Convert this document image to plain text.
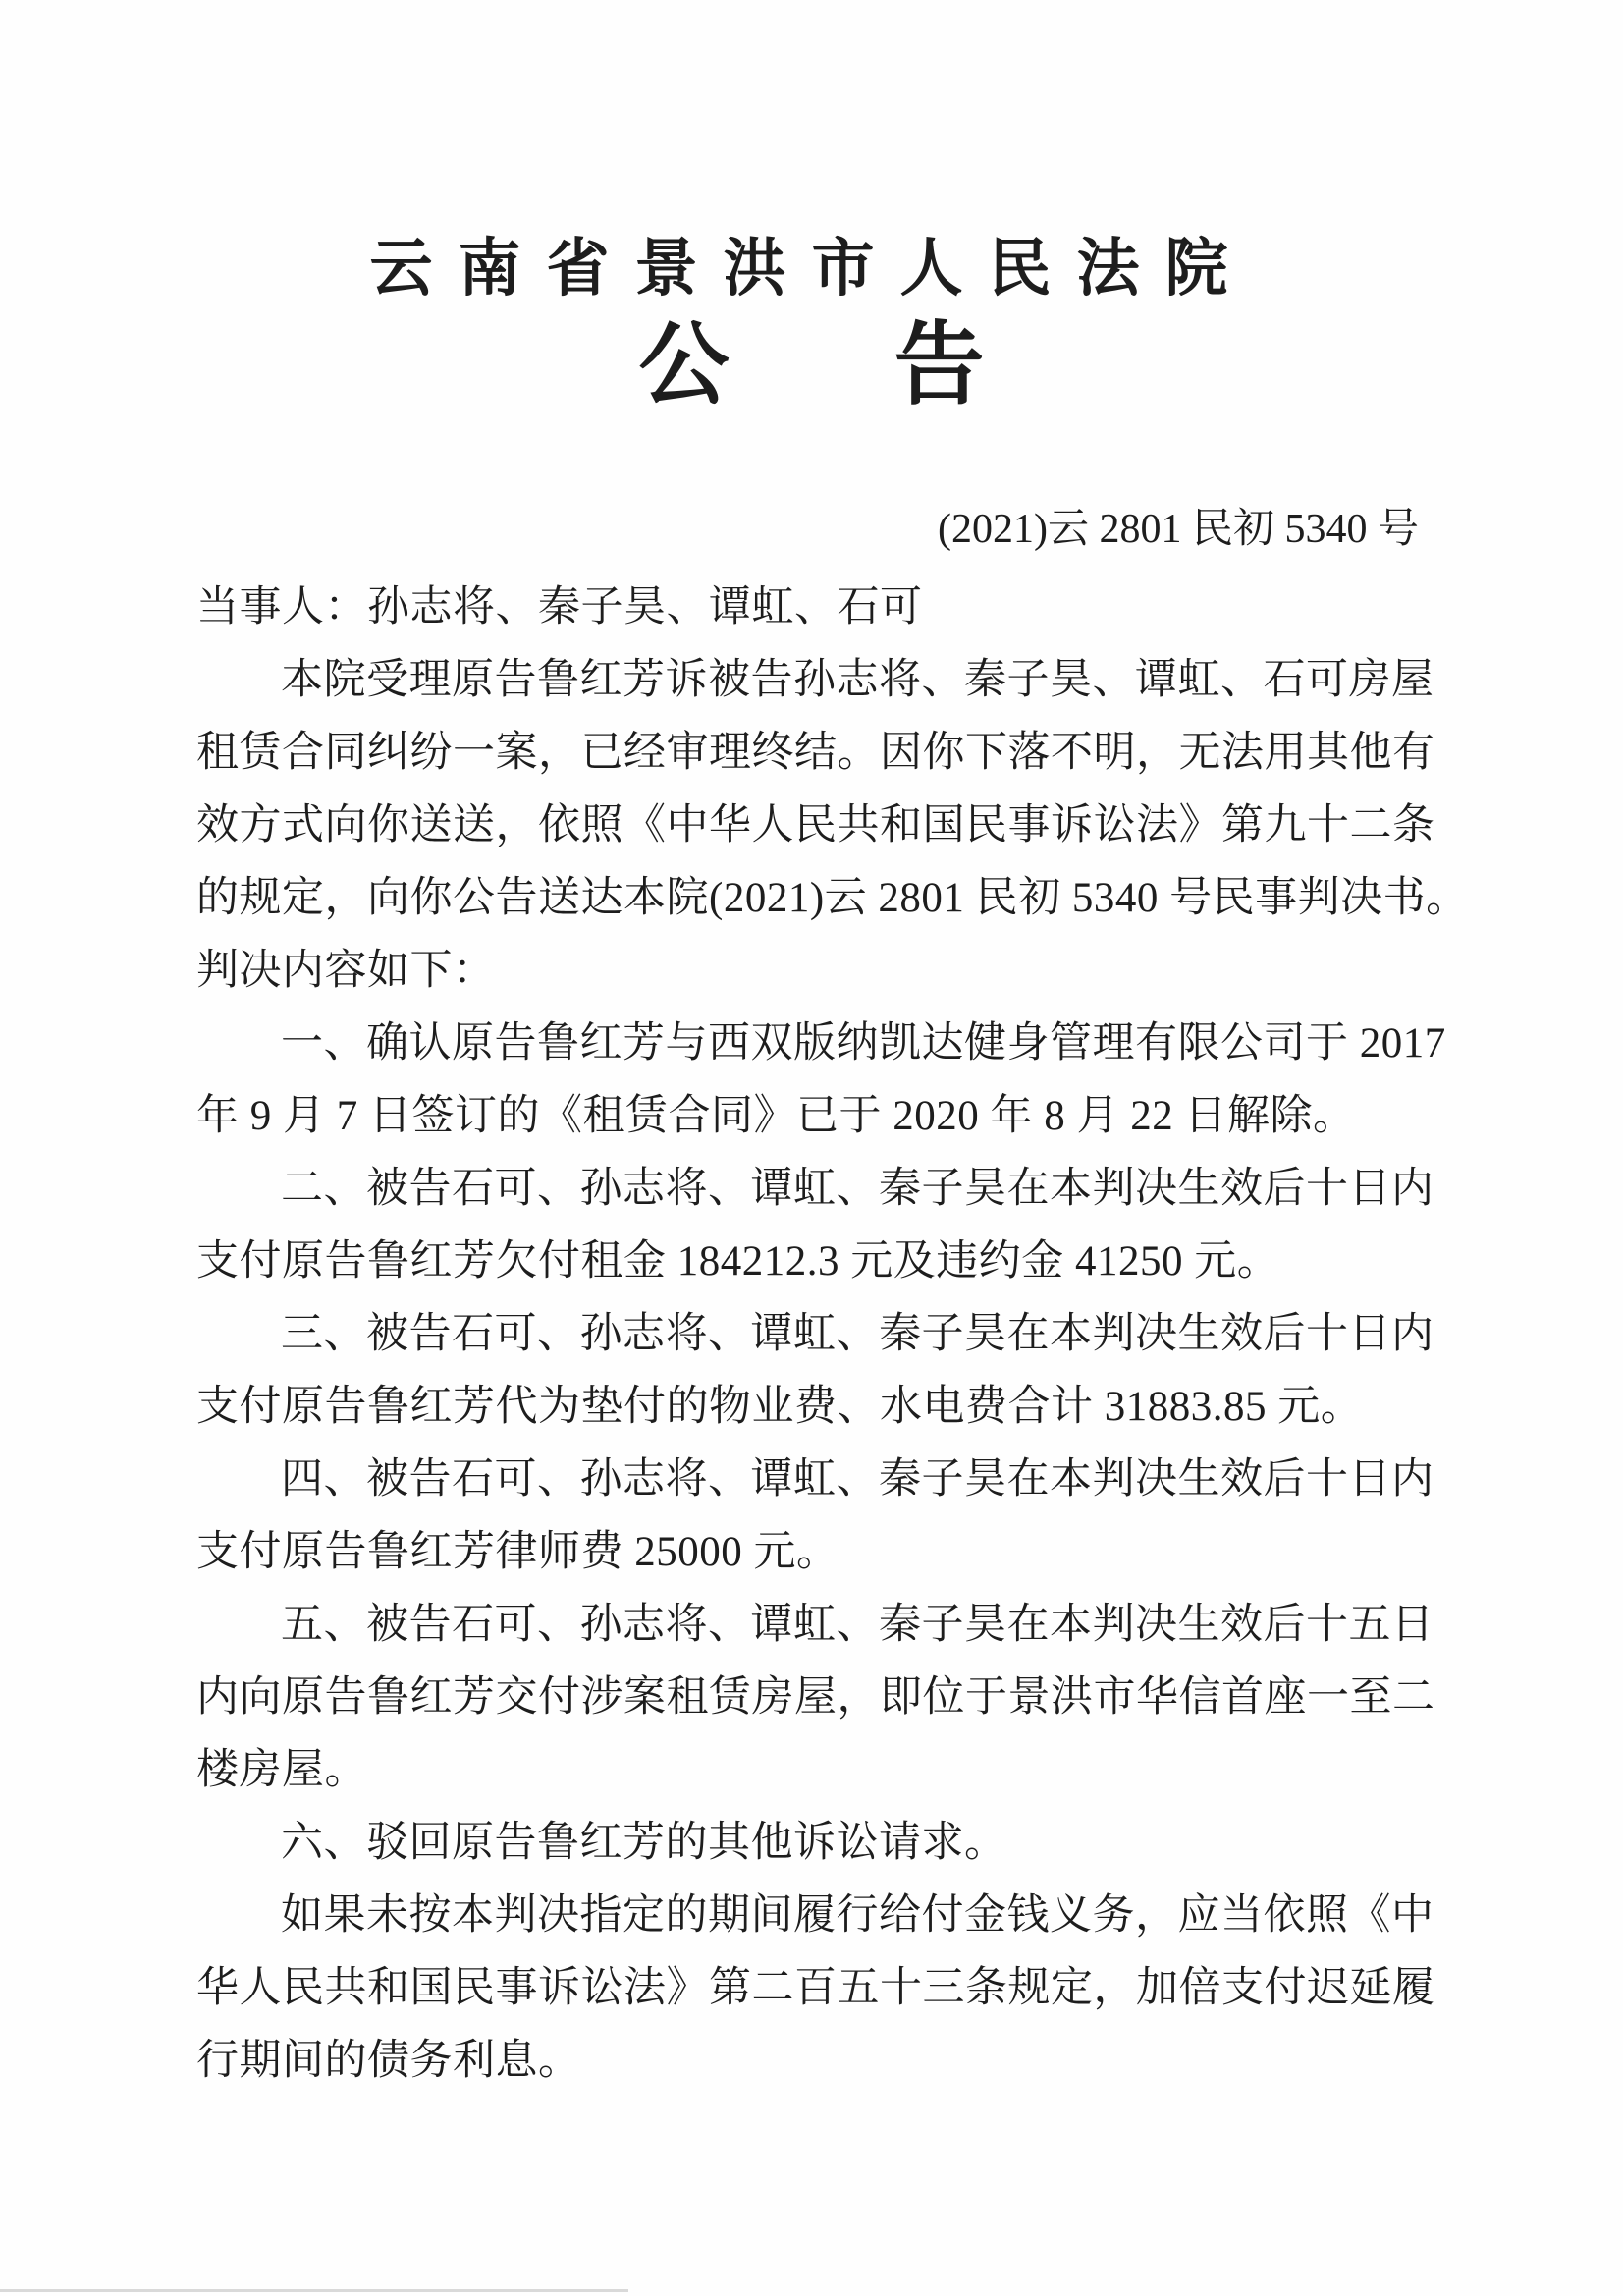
云南省景洪市人民法院
公 告
(2021)云 2801 民初 5340 号
当事人：孙志将、秦子昊、谭虹、石可
本院受理原告鲁红芳诉被告孙志将、秦子昊、谭虹、石可房屋
租赁合同纠纷一案，已经审理终结。因你下落不明，无法用其他有
效方式向你送送，依照《中华人民共和国民事诉讼法》第九十二条
的规定，向你公告送达本院(2021)云 2801 民初 5340 号民事判决书。
判决内容如下：
一、确认原告鲁红芳与西双版纳凯达健身管理有限公司于 2017
年 9 月 7 日签订的《租赁合同》已于 2020 年 8 月 22 日解除。
二、被告石可、孙志将、谭虹、秦子昊在本判决生效后十日内
支付原告鲁红芳欠付租金 184212.3 元及违约金 41250 元。
三、被告石可、孙志将、谭虹、秦子昊在本判决生效后十日内
支付原告鲁红芳代为垫付的物业费、水电费合计 31883.85 元。
四、被告石可、孙志将、谭虹、秦子昊在本判决生效后十日内
支付原告鲁红芳律师费 25000 元。
五、被告石可、孙志将、谭虹、秦子昊在本判决生效后十五日
内向原告鲁红芳交付涉案租赁房屋，即位于景洪市华信首座一至二
楼房屋。
六、驳回原告鲁红芳的其他诉讼请求。
如果未按本判决指定的期间履行给付金钱义务，应当依照《中
华人民共和国民事诉讼法》第二百五十三条规定，加倍支付迟延履
行期间的债务利息。
